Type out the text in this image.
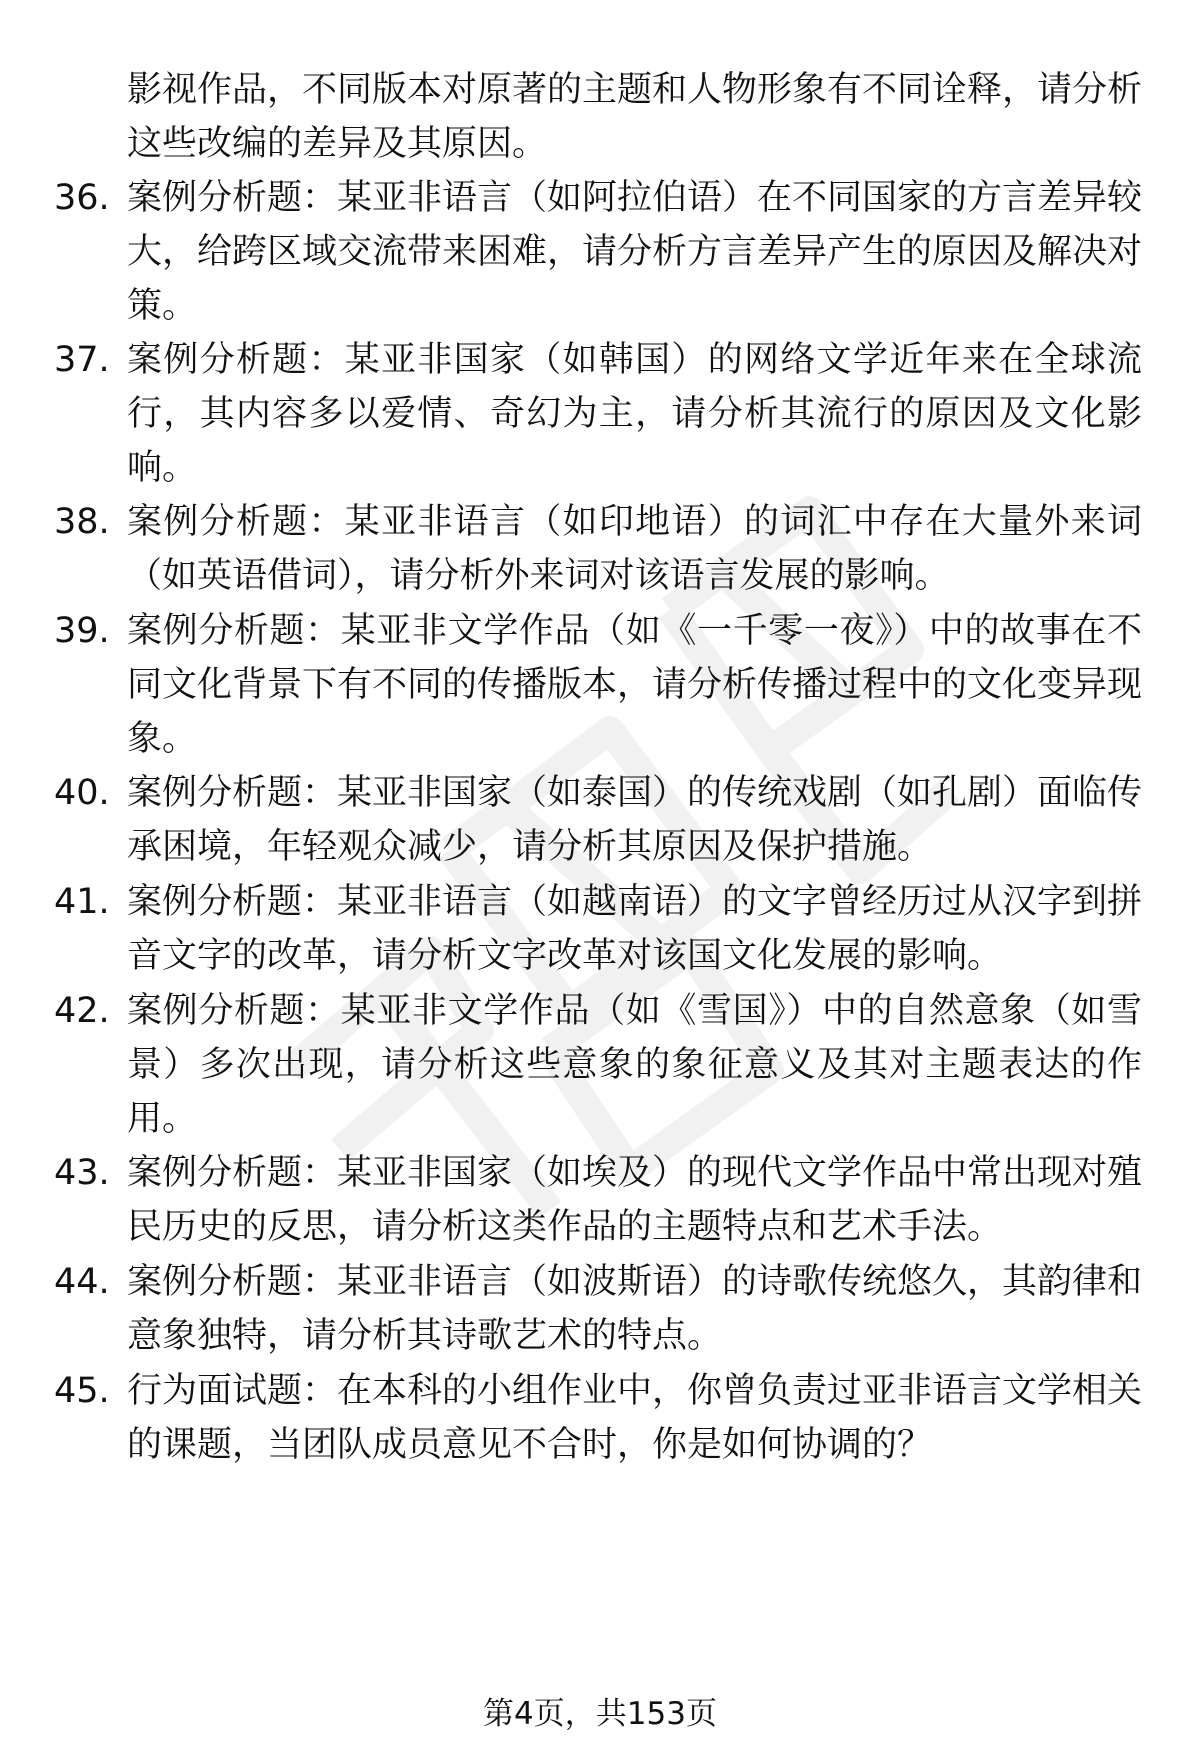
影视作品，不同版本对原著的主题和人物形象有不同诠释，请分析这些改编的差异及其原因。
36. 案例分析题：某亚非语言（如阿拉伯语）在不同国家的方言差异较大，给跨区域交流带来困难，请分析方言差异产生的原因及解决对策。
37. 案例分析题：某亚非国家（如韩国）的网络文学近年来在全球流行，其内容多以爱情、奇幻为主，请分析其流行的原因及文化影响。
38. 案例分析题：某亚非语言（如印地语）的词汇中存在大量外来词（如英语借词），请分析外来词对该语言发展的影响。
39. 案例分析题：某亚非文学作品（如《一千零一夜》）中的故事在不同文化背景下有不同的传播版本，请分析传播过程中的文化变异现象。
40. 案例分析题：某亚非国家（如泰国）的传统戏剧（如孔剧）面临传承困境，年轻观众减少，请分析其原因及保护措施。
41. 案例分析题：某亚非语言（如越南语）的文字曾经历过从汉字到拼音文字的改革，请分析文字改革对该国文化发展的影响。
42. 案例分析题：某亚非文学作品（如《雪国》）中的自然意象（如雪景）多次出现，请分析这些意象的象征意义及其对主题表达的作用。
43. 案例分析题：某亚非国家（如埃及）的现代文学作品中常出现对殖民历史的反思，请分析这类作品的主题特点和艺术手法。
44. 案例分析题：某亚非语言（如波斯语）的诗歌传统悠久，其韵律和意象独特，请分析其诗歌艺术的特点。
45. 行为面试题：在本科的小组作业中，你曾负责过亚非语言文学相关的课题，当团队成员意见不合时，你是如何协调的？
第4页，共153页
